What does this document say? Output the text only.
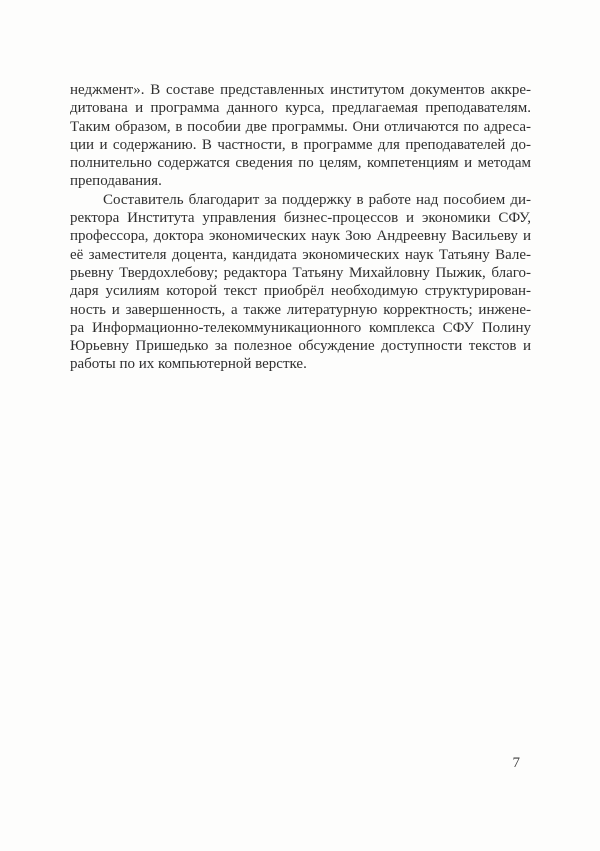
неджмент». В составе представленных институтом документов аккре-
дитована и программа данного курса, предлагаемая преподавателям.
Таким образом, в пособии две программы. Они отличаются по адреса-
ции и содержанию. В частности, в программе для преподавателей до-
полнительно содержатся сведения по целям, компетенциям и методам
преподавания.
Составитель благодарит за поддержку в работе над пособием ди-
ректора Института управления бизнес-процессов и экономики СФУ,
профессора, доктора экономических наук Зою Андреевну Васильеву и
её заместителя доцента, кандидата экономических наук Татьяну Вале-
рьевну Твердохлебову; редактора Татьяну Михайловну Пыжик, благо-
даря усилиям которой текст приобрёл необходимую структурирован-
ность и завершенность, а также литературную корректность; инжене-
ра Информационно-телекоммуникационного комплекса СФУ Полину
Юрьевну Пришедько за полезное обсуждение доступности текстов и
работы по их компьютерной верстке.
7
